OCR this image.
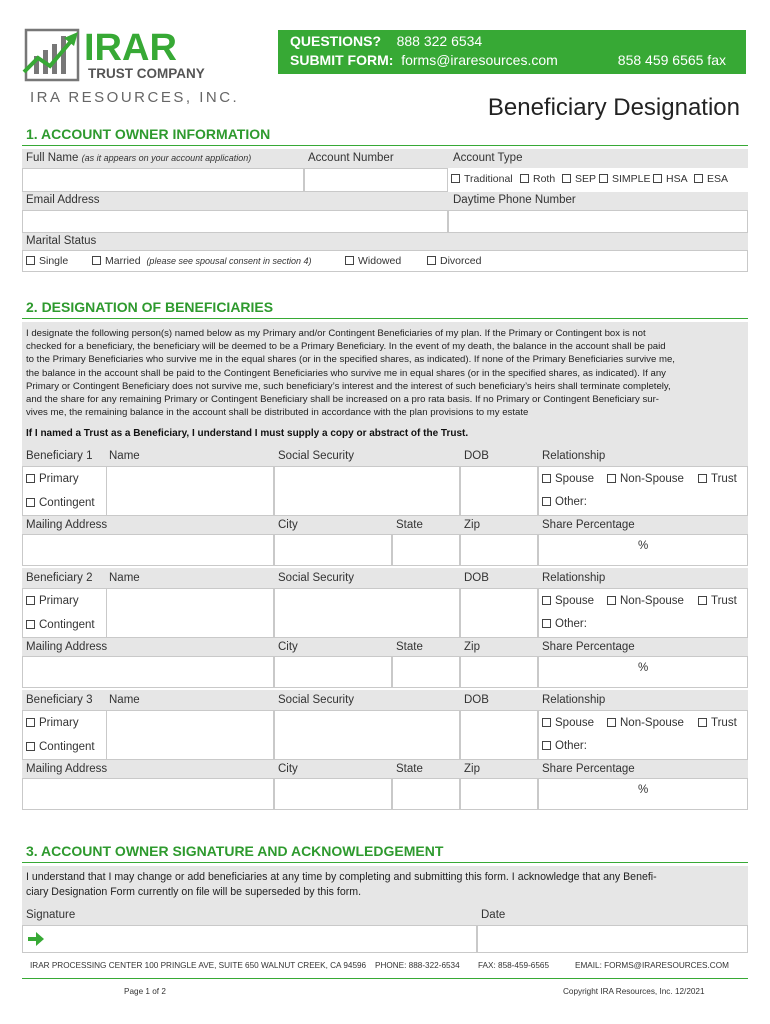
IRAR
TRUST COMPANY
IRA RESOURCES, INC.
QUESTIONS? 888 322 6534
SUBMIT FORM: forms@iraresources.com	858 459 6565 fax
Beneficiary Designation
1. ACCOUNT OWNER INFORMATION
Full Name (as it appears on your account application)	Account Number	Account Type
Traditional	Roth	SEP	SIMPLE	HSA	ESA
Email Address	Daytime Phone Number
Marital Status
Single	Married (please see spousal consent in section 4)	Widowed	Divorced
2. DESIGNATION OF BENEFICIARIES
I designate the following person(s) named below as my Primary and/or Contingent Beneficiaries of my plan. If the Primary or Contingent box is not
checked for a beneficiary, the beneficiary will be deemed to be a Primary Beneficiary. In the event of my death, the balance in the account shall be paid
to the Primary Beneficiaries who survive me in the equal shares (or in the specified shares, as indicated). If none of the Primary Beneficiaries survive me,
the balance in the account shall be paid to the Contingent Beneficiaries who survive me in equal shares (or in the specified shares, as indicated). If any
Primary or Contingent Beneficiary does not survive me, such beneficiary’s interest and the interest of such beneficiary’s heirs shall terminate completely,
and the share for any remaining Primary or Contingent Beneficiary shall be increased on a pro rata basis. If no Primary or Contingent Beneficiary sur-
vives me, the remaining balance in the account shall be distributed in accordance with the plan provisions to my estate
If I named a Trust as a Beneficiary, I understand I must supply a copy or abstract of the Trust.
Beneficiary 1 Name	Social Security	DOB	Relationship
Primary
Contingent
Spouse	Non-Spouse	Trust
Other:
Mailing Address	City	State	Zip	Share Percentage
%
Beneficiary 2 Name	Social Security	DOB	Relationship
Primary
Contingent
Spouse	Non-Spouse	Trust
Other:
Mailing Address	City	State	Zip	Share Percentage
%
Beneficiary 3 Name	Social Security	DOB	Relationship
Primary
Contingent
Spouse	Non-Spouse	Trust
Other:
Mailing Address	City	State	Zip	Share Percentage
%
3. ACCOUNT OWNER SIGNATURE AND ACKNOWLEDGEMENT
I understand that I may change or add beneficiaries at any time by completing and submitting this form. I acknowledge that any Benefi-
ciary Designation Form currently on file will be superseded by this form.
Signature	Date
IRAR PROCESSING CENTER 100 PRINGLE AVE, SUITE 650 WALNUT CREEK, CA 94596 PHONE: 888-322-6534 FAX: 858-459-6565	EMAIL: FORMS@IRARESOURCES.COM
Page 1 of 2	Copyright IRA Resources, Inc. 12/2021
